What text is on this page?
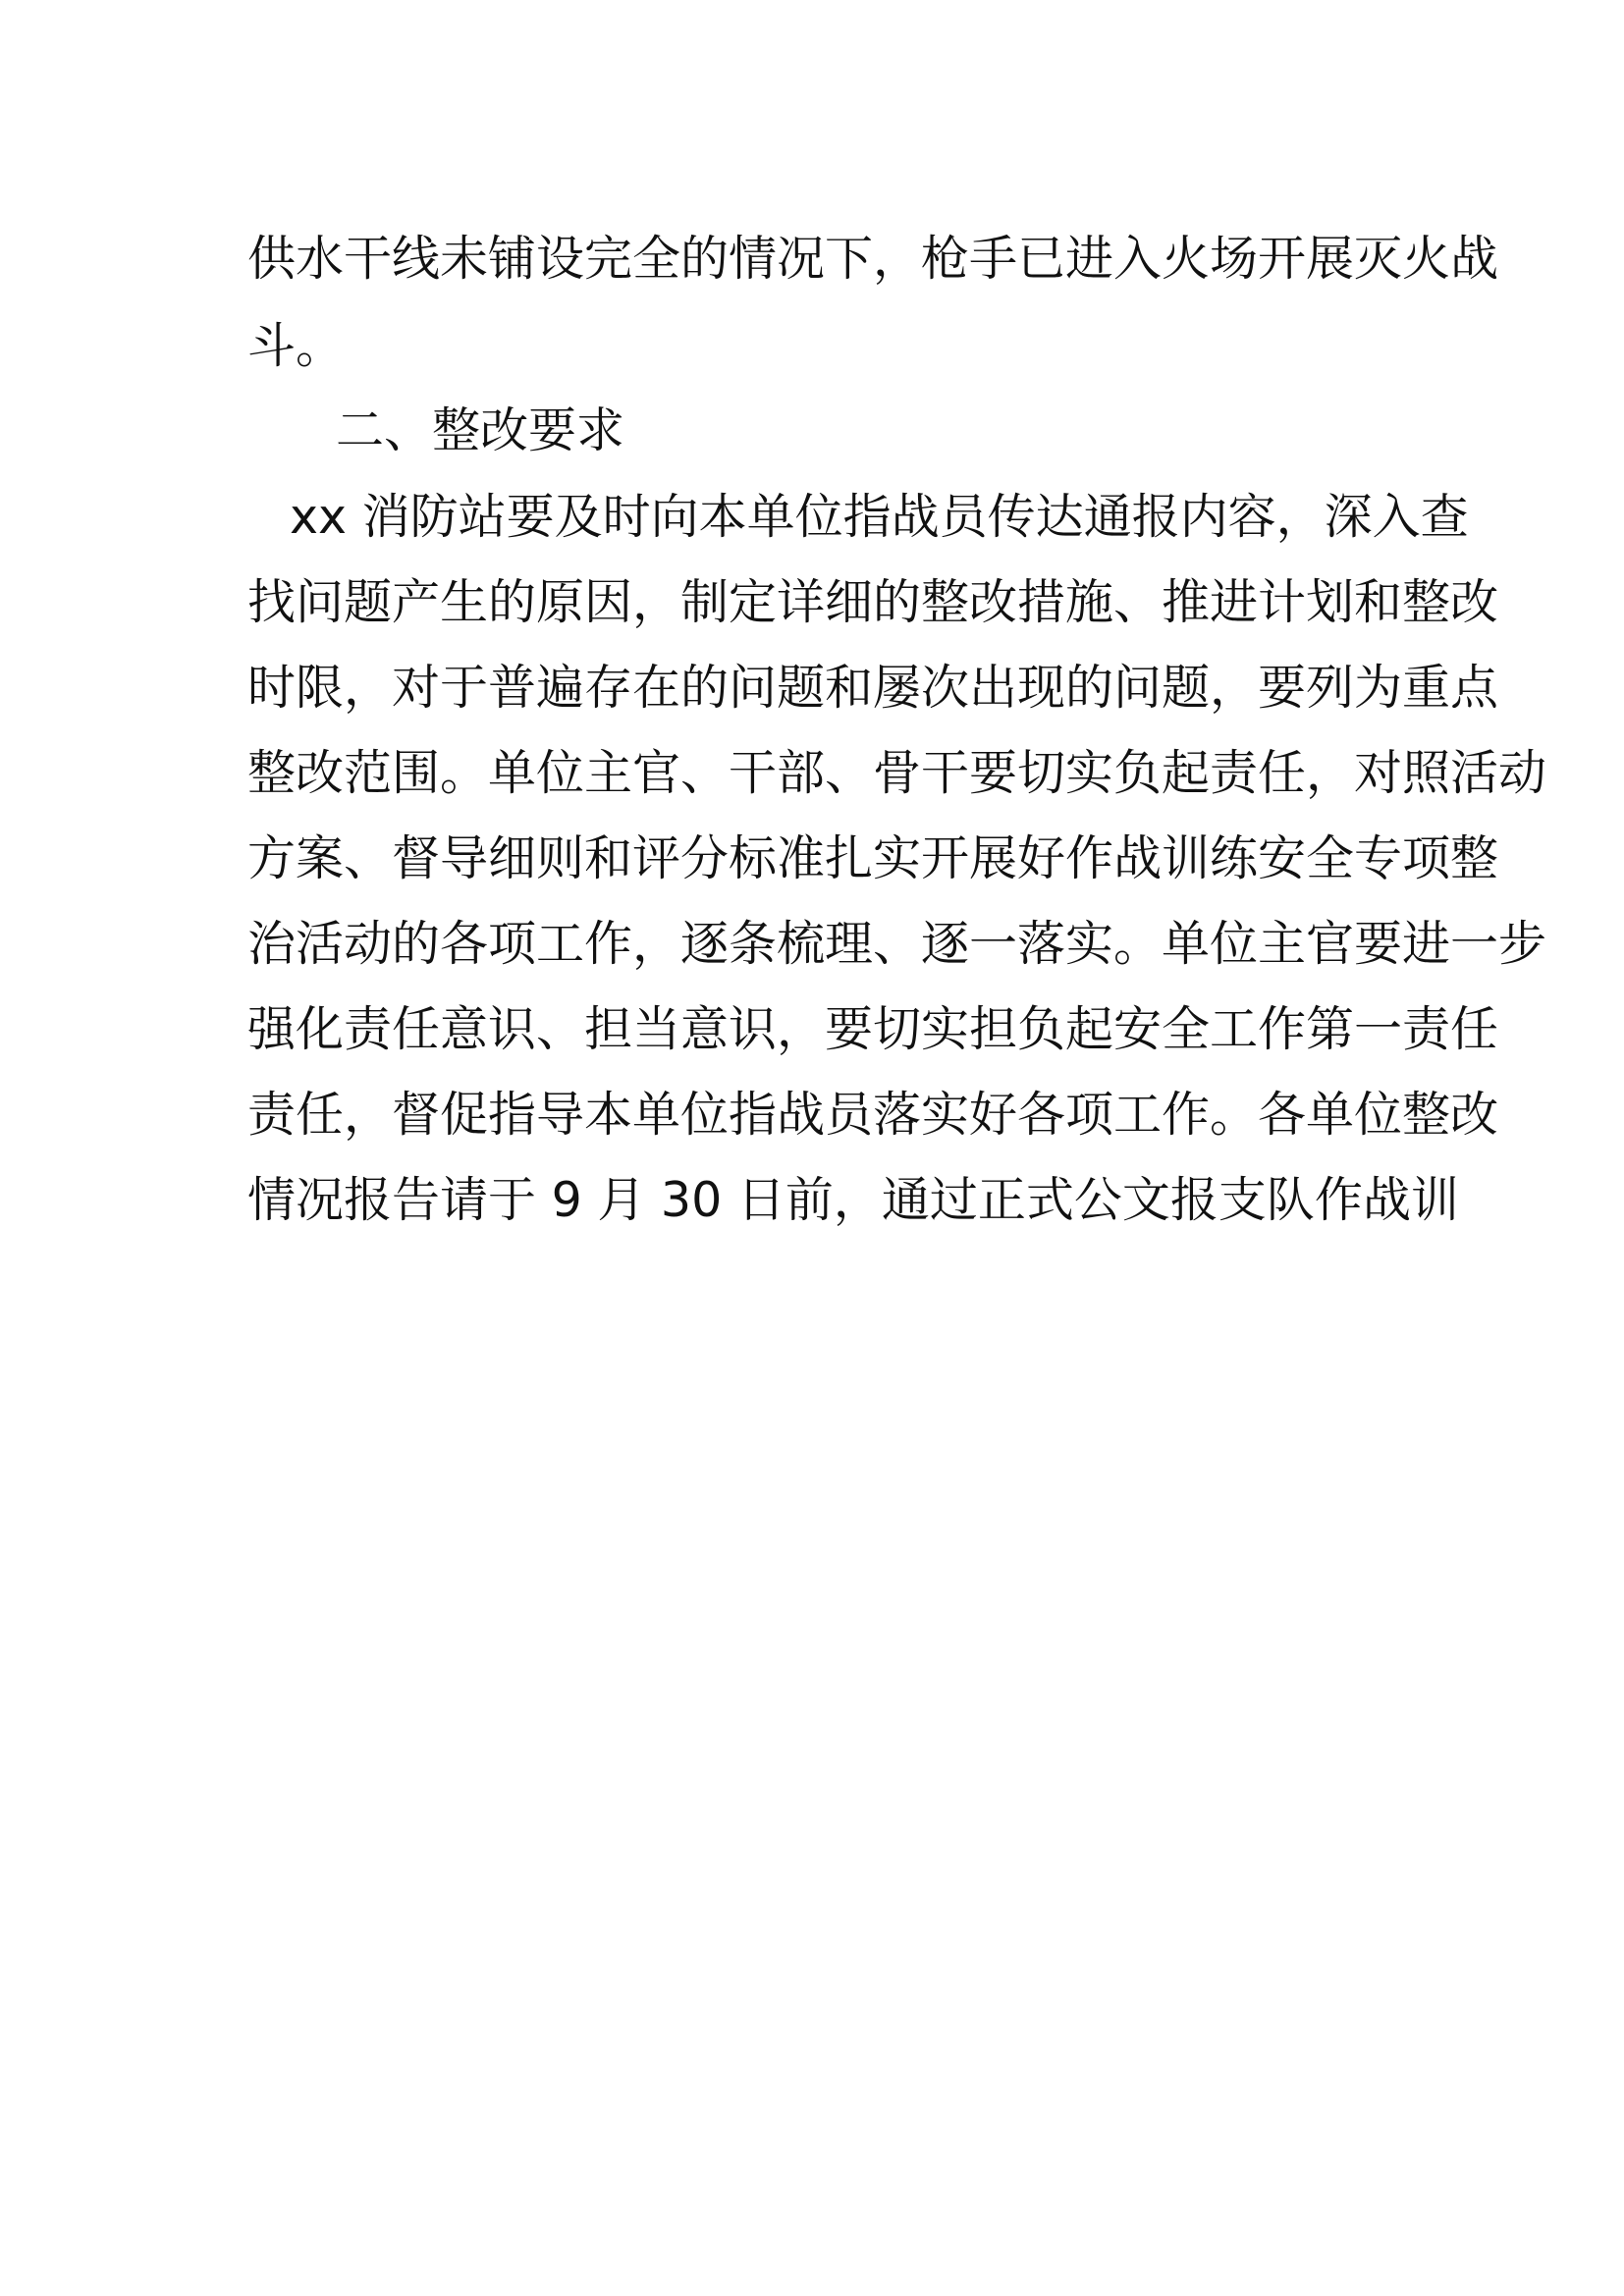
供水干线未铺设完全的情况下，枪手已进入火场开展灭火战
斗。
二、整改要求
xx 消防站要及时向本单位指战员传达通报内容，深入查
找问题产生的原因，制定详细的整改措施、推进计划和整改
时限，对于普遍存在的问题和屡次出现的问题，要列为重点
整改范围。单位主官、干部、骨干要切实负起责任，对照活动
方案、督导细则和评分标准扎实开展好作战训练安全专项整
治活动的各项工作，逐条梳理、逐一落实。单位主官要进一步
强化责任意识、担当意识，要切实担负起安全工作第一责任
责任，督促指导本单位指战员落实好各项工作。各单位整改
情况报告请于 9 月 30 日前，通过正式公文报支队作战训
